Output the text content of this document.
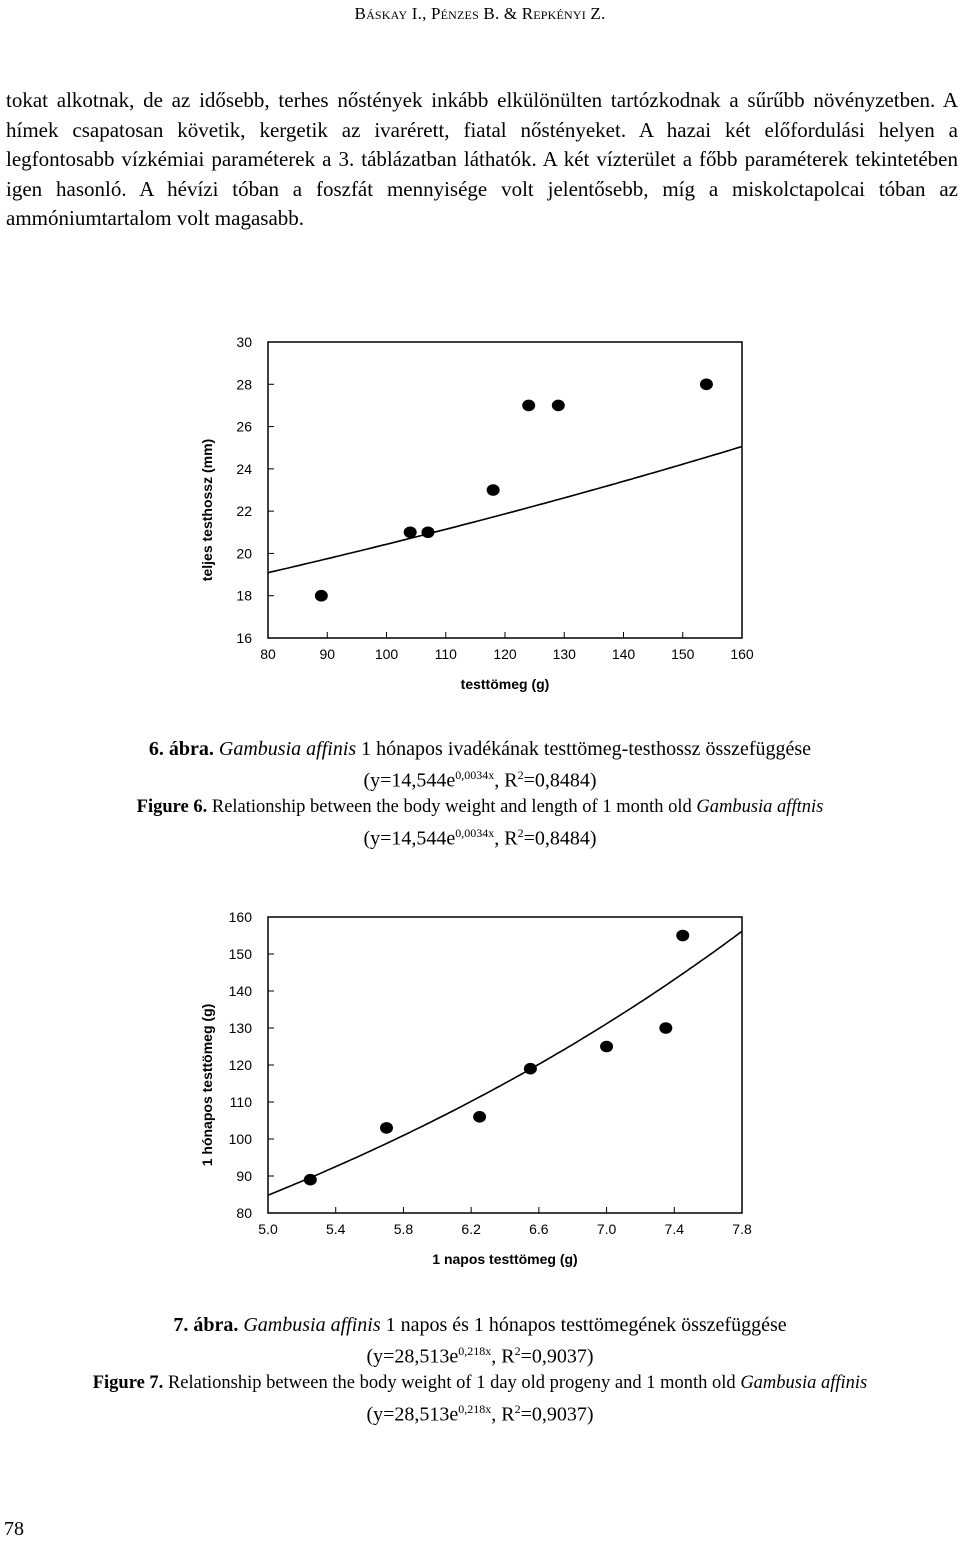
Báskay I., Pénzes B. & Repkényi Z.

tokat alkotnak, de az idősebb, terhes nőstények inkább elkülönülten tartózkodnak a sűrűbb növényzetben. A hímek csapatosan követik, kergetik az ivarérett, fiatal nőstényeket. A hazai két előfordulási helyen a legfontosabb vízkémiai paraméterek a 3. táblázatban láthatók. A két vízterület a főbb paraméterek tekintetében igen hasonló. A hévízi tóban a foszfát mennyisége volt jelentősebb, míg a miskolctapolcai tóban az ammóniumtartalom volt magasabb.

16
18
20
22
24
26
28
30
80	90	100	110	120	130	140	150	160
testtömeg (g)
teljes testhossz (mm)
6. ábra. Gambusia affinis 1 hónapos ivadékának testtömeg-testhossz összefüggése
($y=14,544e^{0,0034x}$, $R^2=0,8484$)
Figure 6. Relationship between the body weight and length of 1 month old Gambusia afftnis
($y=14,544e^{0,0034x}$, $R^2=0,8484$)
80
90
100
110
120
130
140
150
160
5.0	5.4	5.8	6.2	6.6	7.0	7.4	7.8
1 napos testtömeg (g)
1 hónapos testtömeg (g)
7. ábra. Gambusia affinis 1 napos és 1 hónapos testtömegének összefüggése
($y=28,513e^{0,218x}$, $R^2=0,9037$)
Figure 7. Relationship between the body weight of 1 day old progeny and 1 month old Gambusia affinis
($y=28,513e^{0,218x}$, $R^2=0,9037$)
78
